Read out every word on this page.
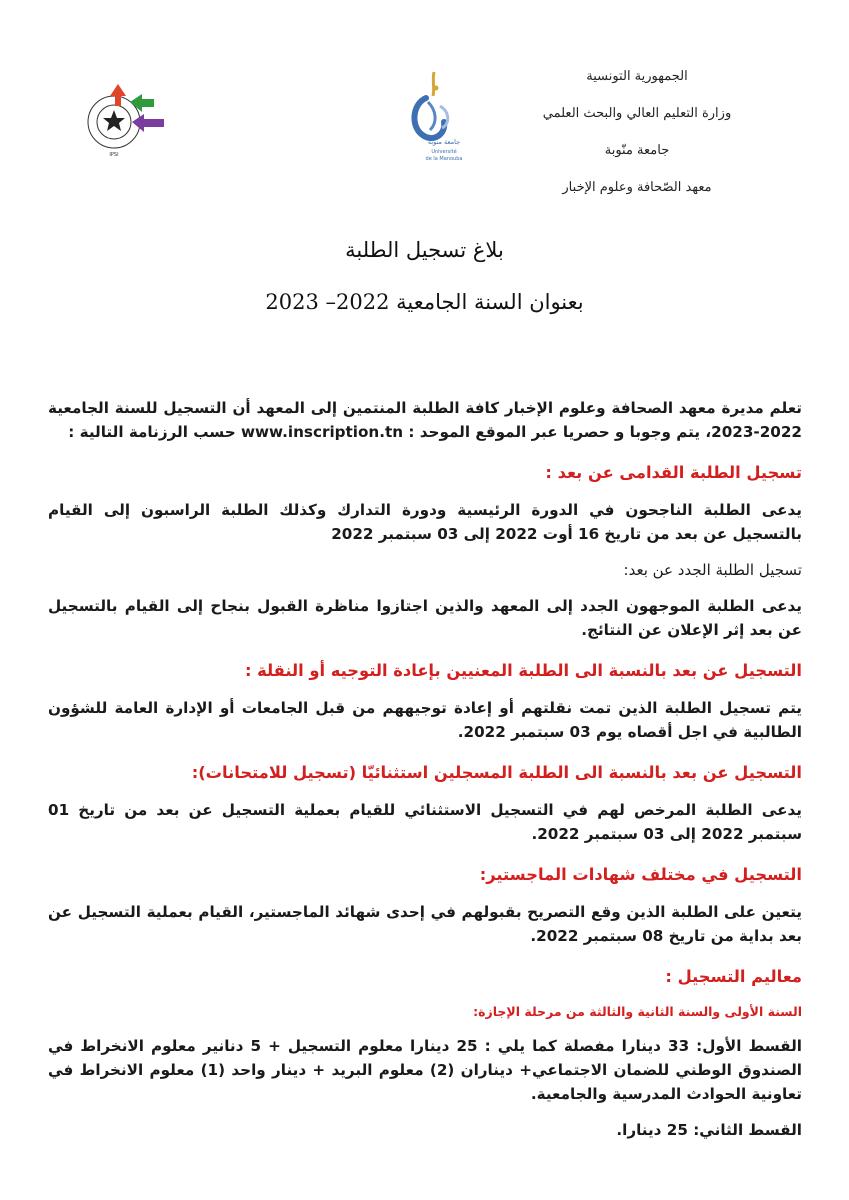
الجمهورية التونسية
وزارة التعليم العالي والبحث العلمي
جامعة منّوبة
معهد الصّحافة وعلوم الإخبار
جامعة منوبة
Université
de la Manouba
IPSI
بلاغ تسجيل الطلبة
بعنوان السنة الجامعية 2022– 2023

تعلم مديرة معهد الصحافة وعلوم الإخبار كافة الطلبة المنتمين إلى المعهد أن التسجيل للسنة الجامعية 2022-2023، يتم وجوبا و حصريا عبر الموقع الموحد : www.inscription.tn حسب الرزنامة التالية :

تسجيل الطلبة القدامى عن بعد :

يدعى الطلبة الناجحون في الدورة الرئيسية ودورة التدارك وكذلك الطلبة الراسبون إلى القيام بالتسجيل عن بعد من تاريخ 16 أوت 2022 إلى 03 سبتمبر 2022

تسجيل الطلبة الجدد عن بعد:

يدعى الطلبة الموجهون الجدد إلى المعهد والذين اجتازوا مناظرة القبول بنجاح إلى القيام بالتسجيل عن بعد إثر الإعلان عن النتائج.

التسجيل عن بعد بالنسبة الى الطلبة المعنيين بإعادة التوجيه أو النقلة :

يتم تسجيل الطلبة الذين تمت نقلتهم أو إعادة توجيههم من قبل الجامعات أو الإدارة العامة للشؤون الطالبية في اجل أقصاه يوم 03 سبتمبر 2022.

التسجيل عن بعد بالنسبة الى الطلبة المسجلين استثنائيّا (تسجيل للامتحانات):

يدعى الطلبة المرخص لهم في التسجيل الاستثنائي للقيام بعملية التسجيل عن بعد من تاريخ 01 سبتمبر 2022 إلى 03 سبتمبر 2022.

التسجيل في مختلف شهادات الماجستير:

يتعين على الطلبة الذين وقع التصريح بقبولهم في إحدى شهائد الماجستير، القيام بعملية التسجيل عن بعد بداية من تاريخ 08 سبتمبر 2022.

معاليم التسجيل :

السنة الأولى والسنة الثانية والثالثة من مرحلة الإجازة:

القسط الأول: 33 دينارا مفصلة كما يلي : 25 دينارا معلوم التسجيل + 5 دنانير معلوم الانخراط في الصندوق الوطني للضمان الاجتماعي+ ديناران (2) معلوم البريد + دينار واحد (1) معلوم الانخراط في تعاونية الحوادث المدرسية والجامعية.

القسط الثاني: 25 دينارا.
